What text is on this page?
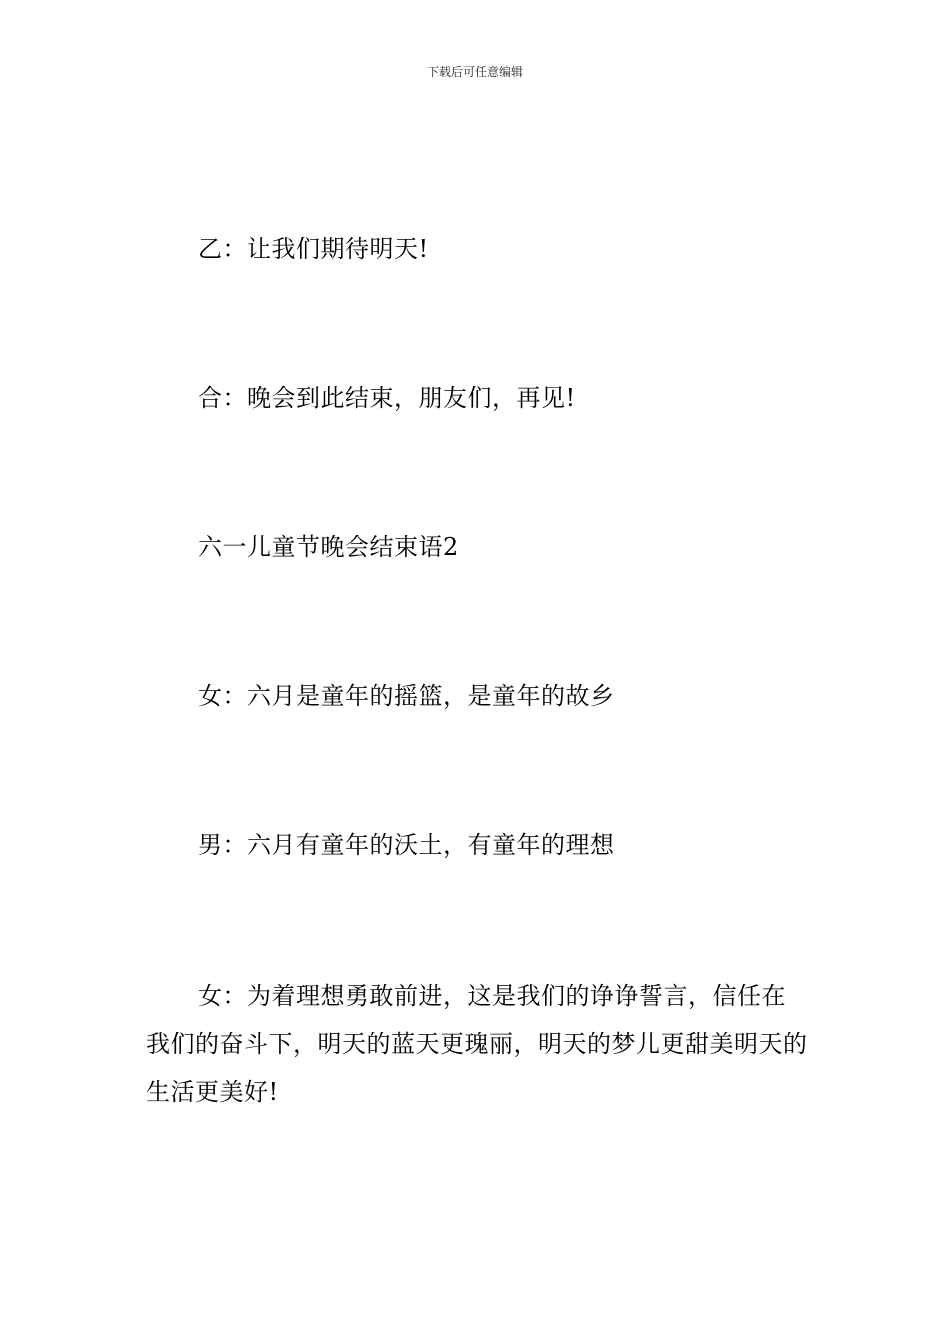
下载后可任意编辑

乙：让我们期待明天!

合：晚会到此结束，朋友们，再见!

六一儿童节晚会结束语2

女：六月是童年的摇篮，是童年的故乡

男：六月有童年的沃土，有童年的理想

女：为着理想勇敢前进，这是我们的诤诤誓言，信任在我们的奋斗下，明天的蓝天更瑰丽，明天的梦儿更甜美明天的生活更美好!
